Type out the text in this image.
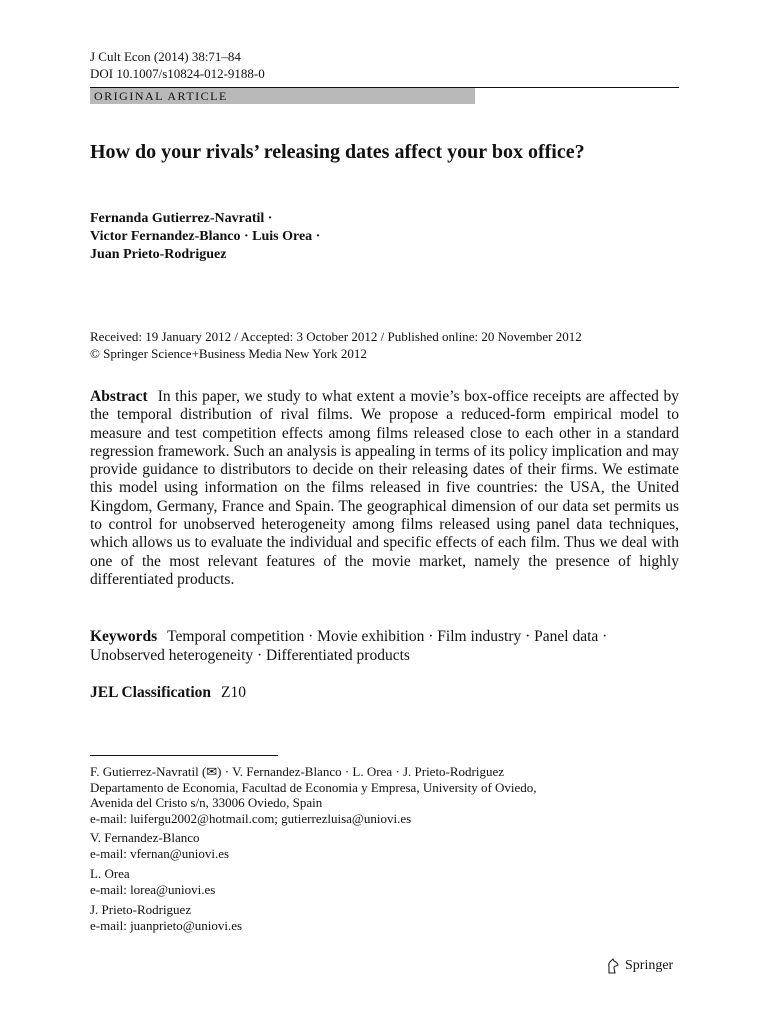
J Cult Econ (2014) 38:71–84
DOI 10.1007/s10824-012-9188-0
ORIGINAL ARTICLE
How do your rivals’ releasing dates affect your box office?
Fernanda Gutierrez-Navratil ·
Victor Fernandez-Blanco · Luis Orea ·
Juan Prieto-Rodriguez
Received: 19 January 2012 / Accepted: 3 October 2012 / Published online: 20 November 2012
© Springer Science+Business Media New York 2012

Abstract In this paper, we study to what extent a movie’s box-office receipts are affected by the temporal distribution of rival films. We propose a reduced-form empirical model to measure and test competition effects among films released close to each other in a standard regression framework. Such an analysis is appealing in terms of its policy implication and may provide guidance to distributors to decide on their releasing dates of their firms. We estimate this model using information on the films released in five countries: the USA, the United Kingdom, Germany, France and Spain. The geographical dimension of our data set permits us to control for unobserved heterogeneity among films released using panel data techniques, which allows us to evaluate the individual and specific effects of each film. Thus we deal with one of the most relevant features of the movie market, namely the presence of highly differentiated products.

Keywords Temporal competition · Movie exhibition · Film industry · Panel data · Unobserved heterogeneity · Differentiated products

JEL Classification Z10

F. Gutierrez-Navratil (✉) · V. Fernandez-Blanco · L. Orea · J. Prieto-Rodriguez
Departamento de Economia, Facultad de Economia y Empresa, University of Oviedo,
Avenida del Cristo s/n, 33006 Oviedo, Spain
e-mail: luifergu2002@hotmail.com; gutierrezluisa@uniovi.es
V. Fernandez-Blanco
e-mail: vfernan@uniovi.es
L. Orea
e-mail: lorea@uniovi.es
J. Prieto-Rodriguez
e-mail: juanprieto@uniovi.es
Springer
